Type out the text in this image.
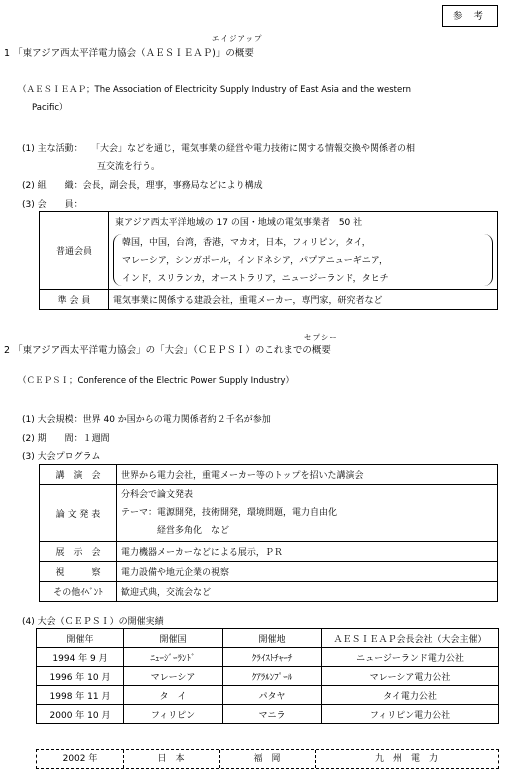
参 考
エイジアップ
1 「東アジア西太平洋電力協会（ＡＥＳＩＥＡＰ)」の概要
（ＡＥＳＩＥＡＰ；The Association of Electricity Supply Industry of East Asia and the western
Pacific）
(1) 主な活動： 「大会」などを通じ，電気事業の経営や電力技術に関する情報交換や関係者の相
互交流を行う。
(2) 組　　織：会長，副会長，理事，事務局などにより構成
(3) 会　　員：
普通会員	東アジア西太平洋地域の 17 の国・地域の電気事業者　50 社
韓国，中国，台湾，香港，マカオ，日本，フィリピン，タイ，
マレーシア，シンガポール，インドネシア，パプアニューギニア，
インド，スリランカ，オーストラリア，ニュージーランド，タヒチ

準 会 員	電気事業に関係する建設会社，重電メーカー，専門家，研究者など
セプシー
2 「東アジア西太平洋電力協会」の「大会」（ＣＥＰＳＩ）のこれまでの概要
（ＣＥＰＳＩ；Conference of the Electric Power Supply Industry）
(1) 大会規模：世界 40 か国からの電力関係者約２千名が参加
(2) 期　　間：１週間
(3) 大会プログラム
講　演　会	世界から電力会社，重電メーカー等のトップを招いた講演会
論 文 発 表	分科会で論文発表
テーマ：電源開発，技術開発，環境問題，電力自由化
　　　　経営多角化　など

展　示　会	電力機器メーカーなどによる展示，ＰＲ
視　　　察	電力設備や地元企業の視察
その他ｲﾍﾞﾝﾄ	歓迎式典，交流会など
(4) 大会（ＣＥＰＳＩ）の開催実績
開催年	開催国	開催地	ＡＥＳＩＥＡＰ会長会社（大会主催）
1994 年 9 月	ﾆｭｰｼﾞｰﾗﾝﾄﾞ	ｸﾗｲｽﾄﾁｬｰﾁ	ニュージーランド電力公社
1996 年 10 月	マレーシア	ｸｱﾗﾙﾝﾌﾟｰﾙ	マレーシア電力公社
1998 年 11 月	タ　イ	パタヤ	タイ電力公社
2000 年 10 月	フィリピン	マニラ	フィリピン電力公社
2002 年	日　本	福　岡	九　州　電　力
